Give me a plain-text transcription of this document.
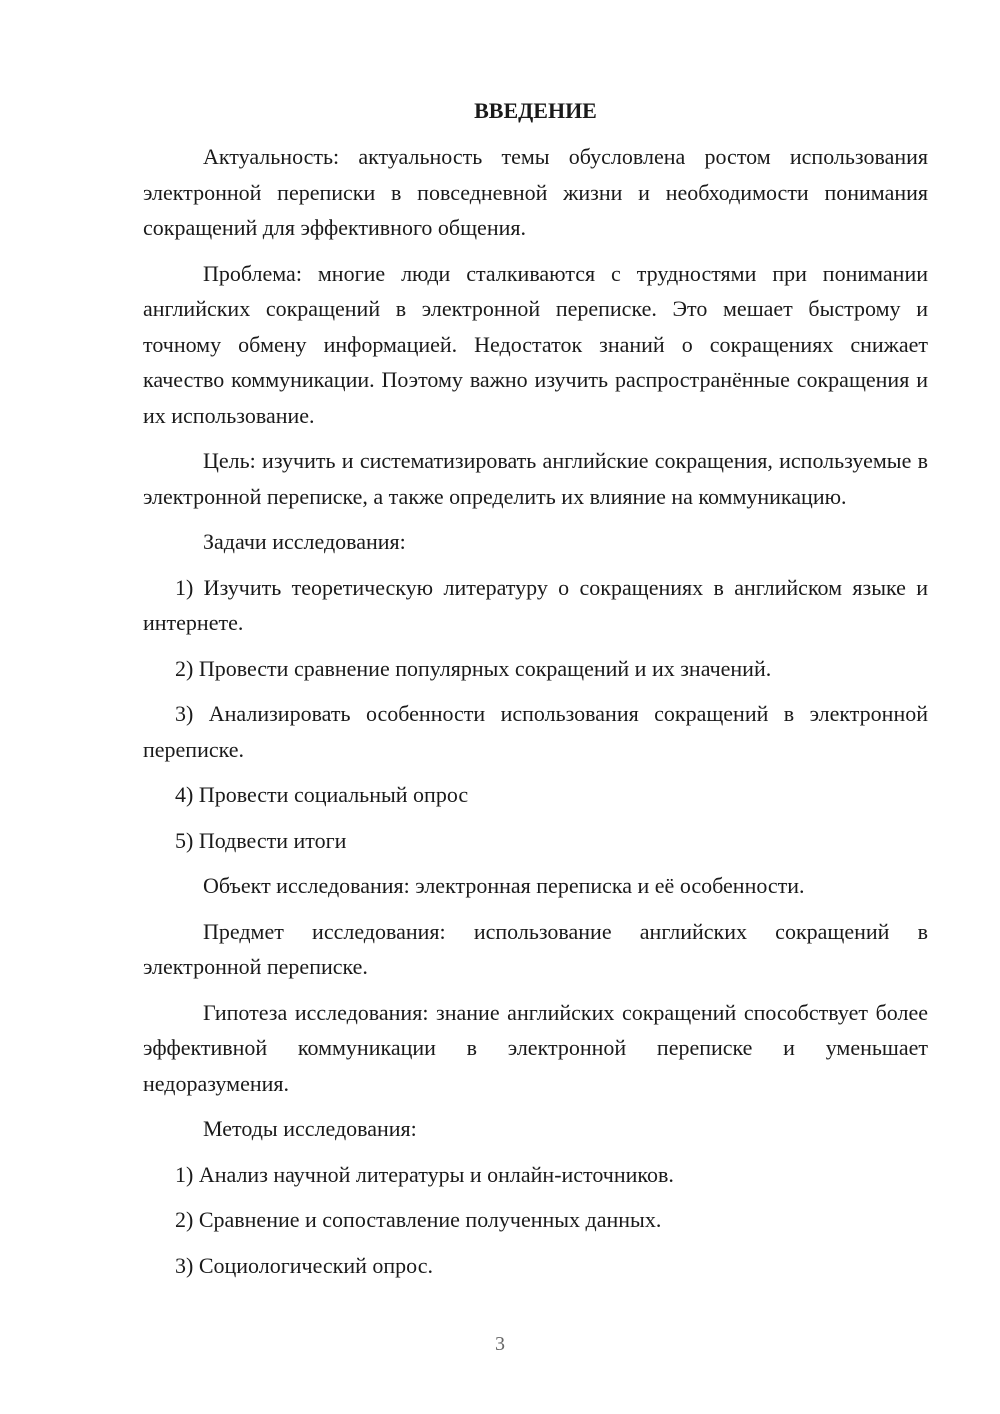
ВВЕДЕНИЕ

Актуальность: актуальность темы обусловлена ростом использования электронной переписки в повседневной жизни и необходимости понимания сокращений для эффективного общения.

Проблема: многие люди сталкиваются с трудностями при понимании английских сокращений в электронной переписке. Это мешает быстрому и точному обмену информацией. Недостаток знаний о сокращениях снижает качество коммуникации. Поэтому важно изучить распространённые сокращения и их использование.

Цель: изучить и систематизировать английские сокращения, используемые в электронной переписке, а также определить их влияние на коммуникацию.

Задачи исследования:

1) Изучить теоретическую литературу о сокращениях в английском языке и интернете.

2) Провести сравнение популярных сокращений и их значений.

3) Анализировать особенности использования сокращений в электронной переписке.

4) Провести социальный опрос

5) Подвести итоги

Объект исследования: электронная переписка и её особенности.

Предмет исследования: использование английских сокращений в электронной переписке.

Гипотеза исследования: знание английских сокращений способствует более эффективной коммуникации в электронной переписке и уменьшает недоразумения.

Методы исследования:

1) Анализ научной литературы и онлайн-источников.

2) Сравнение и сопоставление полученных данных.

3) Социологический опрос.

3
